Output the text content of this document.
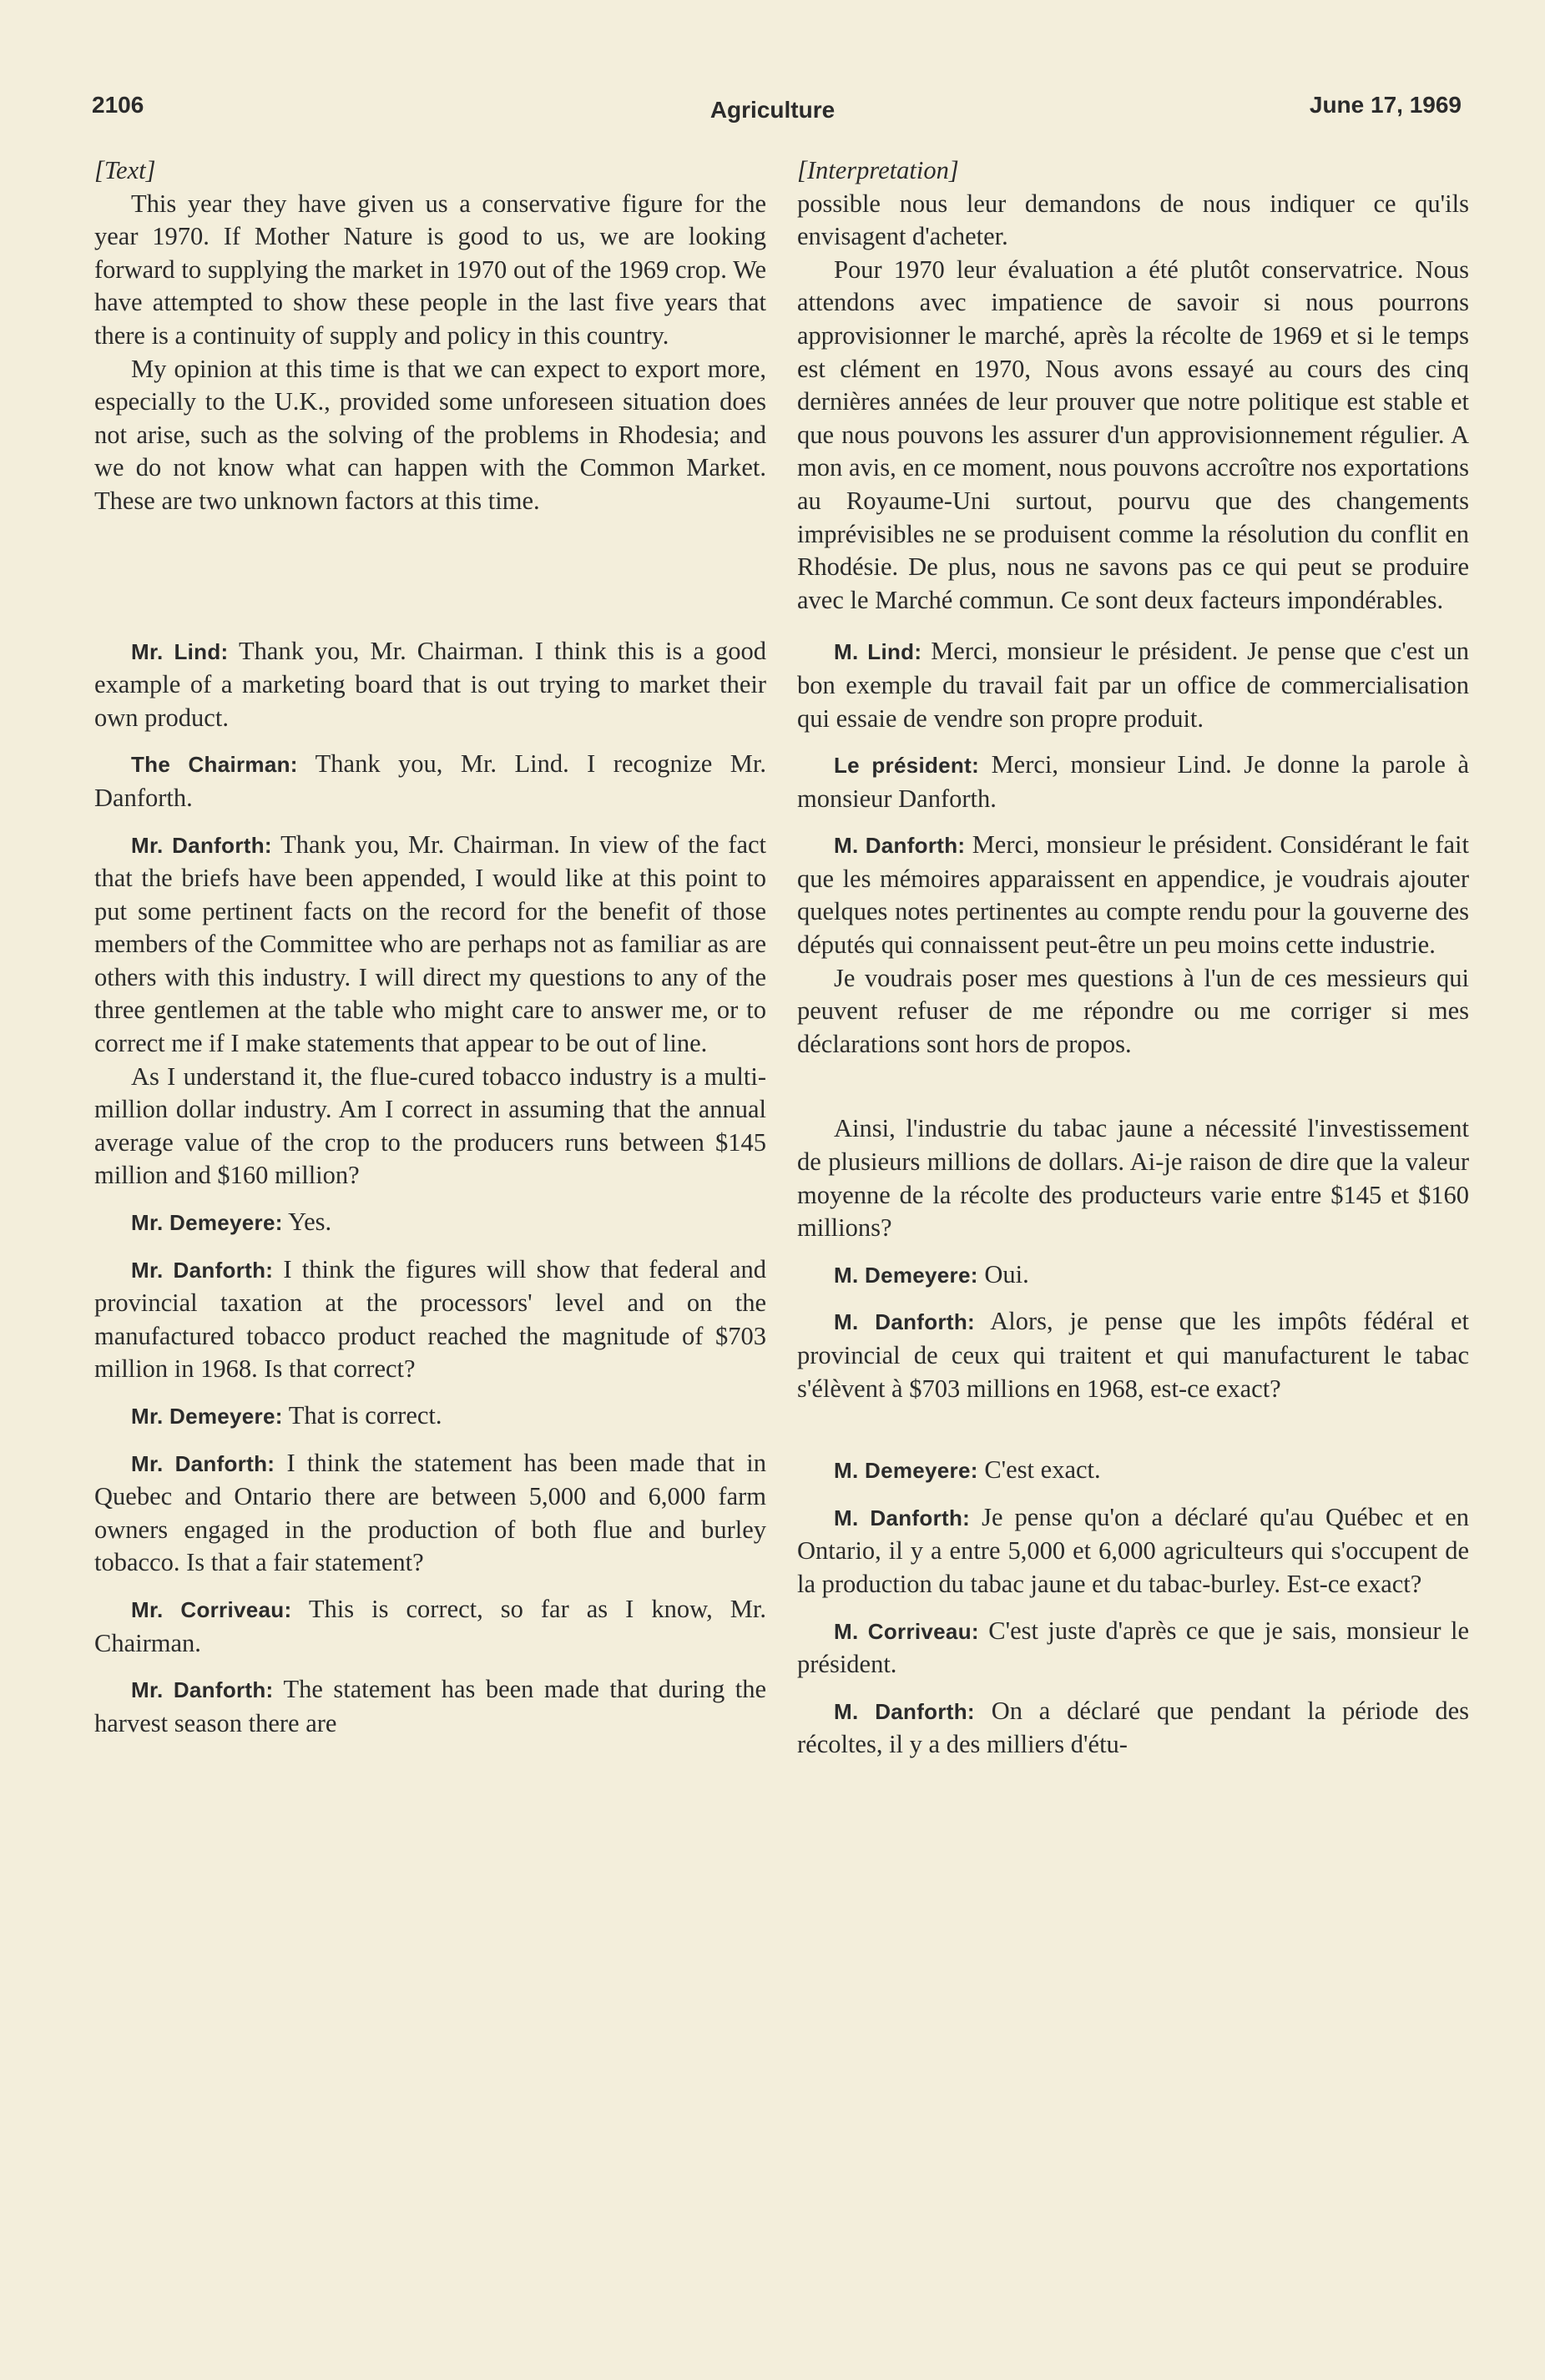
2106	Agriculture	June 17, 1969

[Text]

This year they have given us a conservative figure for the year 1970. If Mother Nature is good to us, we are looking forward to supplying the market in 1970 out of the 1969 crop. We have attempted to show these people in the last five years that there is a continuity of supply and policy in this country.

My opinion at this time is that we can expect to export more, especially to the U.K., provided some unforeseen situation does not arise, such as the solving of the problems in Rhodesia; and we do not know what can happen with the Common Market. These are two unknown factors at this time.

Mr. Lind: Thank you, Mr. Chairman. I think this is a good example of a marketing board that is out trying to market their own product.

The Chairman: Thank you, Mr. Lind. I recognize Mr. Danforth.

Mr. Danforth: Thank you, Mr. Chairman. In view of the fact that the briefs have been appended, I would like at this point to put some pertinent facts on the record for the benefit of those members of the Committee who are perhaps not as familiar as are others with this industry. I will direct my questions to any of the three gentlemen at the table who might care to answer me, or to correct me if I make statements that appear to be out of line.

As I understand it, the flue-cured tobacco industry is a multi-million dollar industry. Am I correct in assuming that the annual average value of the crop to the producers runs between $145 million and $160 million?

Mr. Demeyere: Yes.

Mr. Danforth: I think the figures will show that federal and provincial taxation at the processors' level and on the manufactured tobacco product reached the magnitude of $703 million in 1968. Is that correct?

Mr. Demeyere: That is correct.

Mr. Danforth: I think the statement has been made that in Quebec and Ontario there are between 5,000 and 6,000 farm owners engaged in the production of both flue and burley tobacco. Is that a fair statement?

Mr. Corriveau: This is correct, so far as I know, Mr. Chairman.

Mr. Danforth: The statement has been made that during the harvest season there are

[Interpretation]

possible nous leur demandons de nous indiquer ce qu'ils envisagent d'acheter.

Pour 1970 leur évaluation a été plutôt conservatrice. Nous attendons avec impatience de savoir si nous pourrons approvisionner le marché, après la récolte de 1969 et si le temps est clément en 1970, Nous avons essayé au cours des cinq dernières années de leur prouver que notre politique est stable et que nous pouvons les assurer d'un approvisionnement régulier. A mon avis, en ce moment, nous pouvons accroître nos exportations au Royaume-Uni surtout, pourvu que des changements imprévisibles ne se produisent comme la résolution du conflit en Rhodésie. De plus, nous ne savons pas ce qui peut se produire avec le Marché commun. Ce sont deux facteurs impondérables.

M. Lind: Merci, monsieur le président. Je pense que c'est un bon exemple du travail fait par un office de commercialisation qui essaie de vendre son propre produit.

Le président: Merci, monsieur Lind. Je donne la parole à monsieur Danforth.

M. Danforth: Merci, monsieur le président. Considérant le fait que les mémoires apparaissent en appendice, je voudrais ajouter quelques notes pertinentes au compte rendu pour la gouverne des députés qui connaissent peut-être un peu moins cette industrie.

Je voudrais poser mes questions à l'un de ces messieurs qui peuvent refuser de me répondre ou me corriger si mes déclarations sont hors de propos.

Ainsi, l'industrie du tabac jaune a nécessité l'investissement de plusieurs millions de dollars. Ai-je raison de dire que la valeur moyenne de la récolte des producteurs varie entre $145 et $160 millions?

M. Demeyere: Oui.

M. Danforth: Alors, je pense que les impôts fédéral et provincial de ceux qui traitent et qui manufacturent le tabac s'élèvent à $703 millions en 1968, est-ce exact?

M. Demeyere: C'est exact.

M. Danforth: Je pense qu'on a déclaré qu'au Québec et en Ontario, il y a entre 5,000 et 6,000 agriculteurs qui s'occupent de la production du tabac jaune et du tabac-burley. Est-ce exact?

M. Corriveau: C'est juste d'après ce que je sais, monsieur le président.

M. Danforth: On a déclaré que pendant la période des récoltes, il y a des milliers d'étu-
